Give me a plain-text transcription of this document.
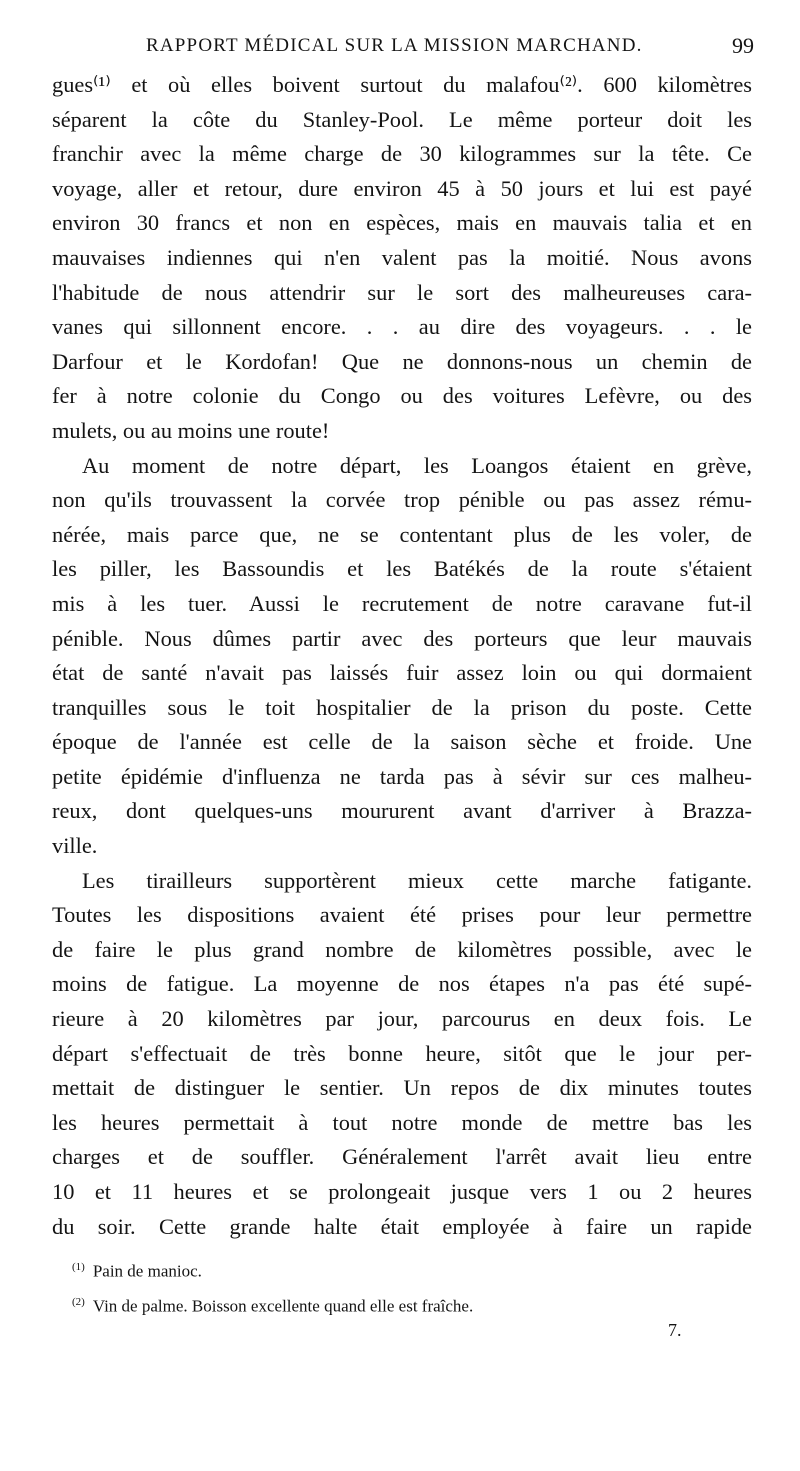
RAPPORT MÉDICAL SUR LA MISSION MARCHAND.	99
gues⁽¹⁾ et où elles boivent surtout du malafou⁽²⁾. 600 kilomètres
séparent la côte du Stanley-Pool. Le même porteur doit les
franchir avec la même charge de 30 kilogrammes sur la tête. Ce
voyage, aller et retour, dure environ 45 à 50 jours et lui est payé
environ 30 francs et non en espèces, mais en mauvais talia et en
mauvaises indiennes qui n'en valent pas la moitié. Nous avons
l'habitude de nous attendrir sur le sort des malheureuses cara-
vanes qui sillonnent encore. . . au dire des voyageurs. . . le
Darfour et le Kordofan! Que ne donnons-nous un chemin de
fer à notre colonie du Congo ou des voitures Lefèvre, ou des
mulets, ou au moins une route!
Au moment de notre départ, les Loangos étaient en grève,
non qu'ils trouvassent la corvée trop pénible ou pas assez rému-
nérée, mais parce que, ne se contentant plus de les voler, de
les piller, les Bassoundis et les Batékés de la route s'étaient
mis à les tuer. Aussi le recrutement de notre caravane fut-il
pénible. Nous dûmes partir avec des porteurs que leur mauvais
état de santé n'avait pas laissés fuir assez loin ou qui dormaient
tranquilles sous le toit hospitalier de la prison du poste. Cette
époque de l'année est celle de la saison sèche et froide. Une
petite épidémie d'influenza ne tarda pas à sévir sur ces malheu-
reux, dont quelques-uns moururent avant d'arriver à Brazza-
ville.
Les tirailleurs supportèrent mieux cette marche fatigante.
Toutes les dispositions avaient été prises pour leur permettre
de faire le plus grand nombre de kilomètres possible, avec le
moins de fatigue. La moyenne de nos étapes n'a pas été supé-
rieure à 20 kilomètres par jour, parcourus en deux fois. Le
départ s'effectuait de très bonne heure, sitôt que le jour per-
mettait de distinguer le sentier. Un repos de dix minutes toutes
les heures permettait à tout notre monde de mettre bas les
charges et de souffler. Généralement l'arrêt avait lieu entre
10 et 11 heures et se prolongeait jusque vers 1 ou 2 heures
du soir. Cette grande halte était employée à faire un rapide
$^{(1)}$ Pain de manioc.
$^{(2)}$ Vin de palme. Boisson excellente quand elle est fraîche.
7.
